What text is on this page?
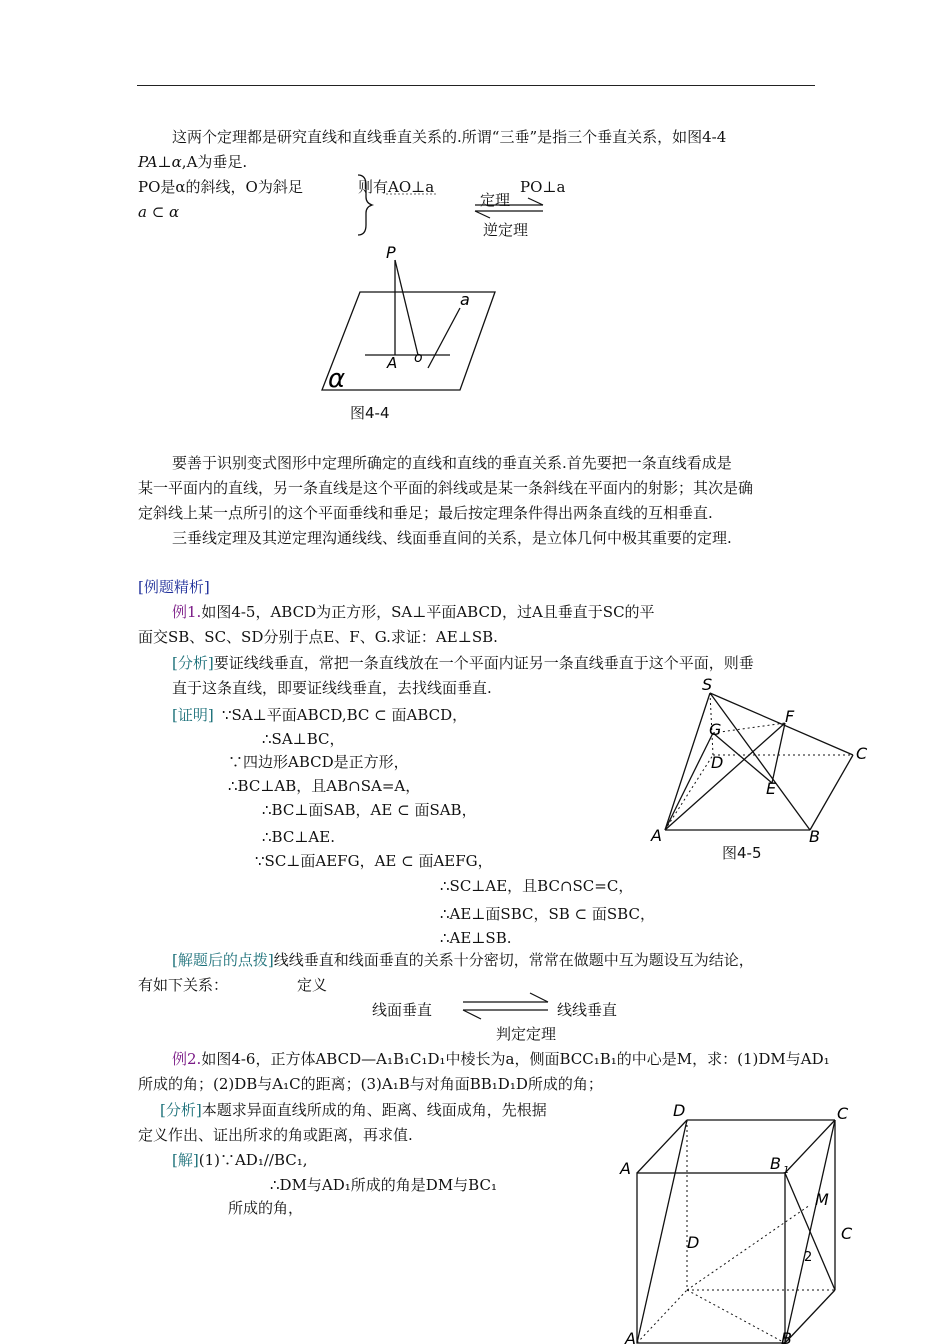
这两个定理都是研究直线和直线垂直关系的.所谓“三垂”是指三个垂直关系，如图4-4
PA⊥α,A为垂足.
PO是α的斜线，O为斜足
a ⊂ α
则有AO⊥a	PO⊥a
定理
逆定理
P
a
A o
α
图4-4
要善于识别变式图形中定理所确定的直线和直线的垂直关系.首先要把一条直线看成是
某一平面内的直线，另一条直线是这个平面的斜线或是某一条斜线在平面内的射影；其次是确
定斜线上某一点所引的这个平面垂线和垂足；最后按定理条件得出两条直线的互相垂直.
三垂线定理及其逆定理沟通线线、线面垂直间的关系，是立体几何中极其重要的定理.
[例题精析]
例1.如图4-5，ABCD为正方形，SA⊥平面ABCD，过A且垂直于SC的平
面交SB、SC、SD分别于点E、F、G.求证：AE⊥SB.
[分析]要证线线垂直，常把一条直线放在一个平面内证另一条直线垂直于这个平面，则垂
直于这条直线，即要证线线垂直，去找线面垂直.
[证明] ∵SA⊥平面ABCD,BC ⊂ 面ABCD，
∴SA⊥BC，
∵四边形ABCD是正方形，
∴BC⊥AB，且AB∩SA=A，
∴BC⊥面SAB，AE ⊂ 面SAB，
∴BC⊥AE.
∵SC⊥面AEFG，AE ⊂ 面AEFG，
∴SC⊥AE，且BC∩SC=C，
∴AE⊥面SBC，SB ⊂ 面SBC，
∴AE⊥SB.
S
F
G
C
D
E
A	B
图4-5
[解题后的点拨]线线垂直和线面垂直的关系十分密切，常常在做题中互为题设互为结论，
有如下关系：	定义
线面垂直	线线垂直
判定定理
例2.如图4-6，正方体ABCD—A₁B₁C₁D₁中棱长为a，侧面BCC₁B₁的中心是M，求：(1)DM与AD₁
所成的角；(2)DB与A₁C的距离；(3)A₁B与对角面BB₁D₁D所成的角；
[分析]本题求异面直线所成的角、距离、线面成角，先根据
定义作出、证出所求的角或距离，再求值.
[解](1)∵AD₁//BC₁,
∴DM与AD₁所成的角是DM与BC₁
所成的角，
D	C
A	B 1
M
D	C
A	B
2
